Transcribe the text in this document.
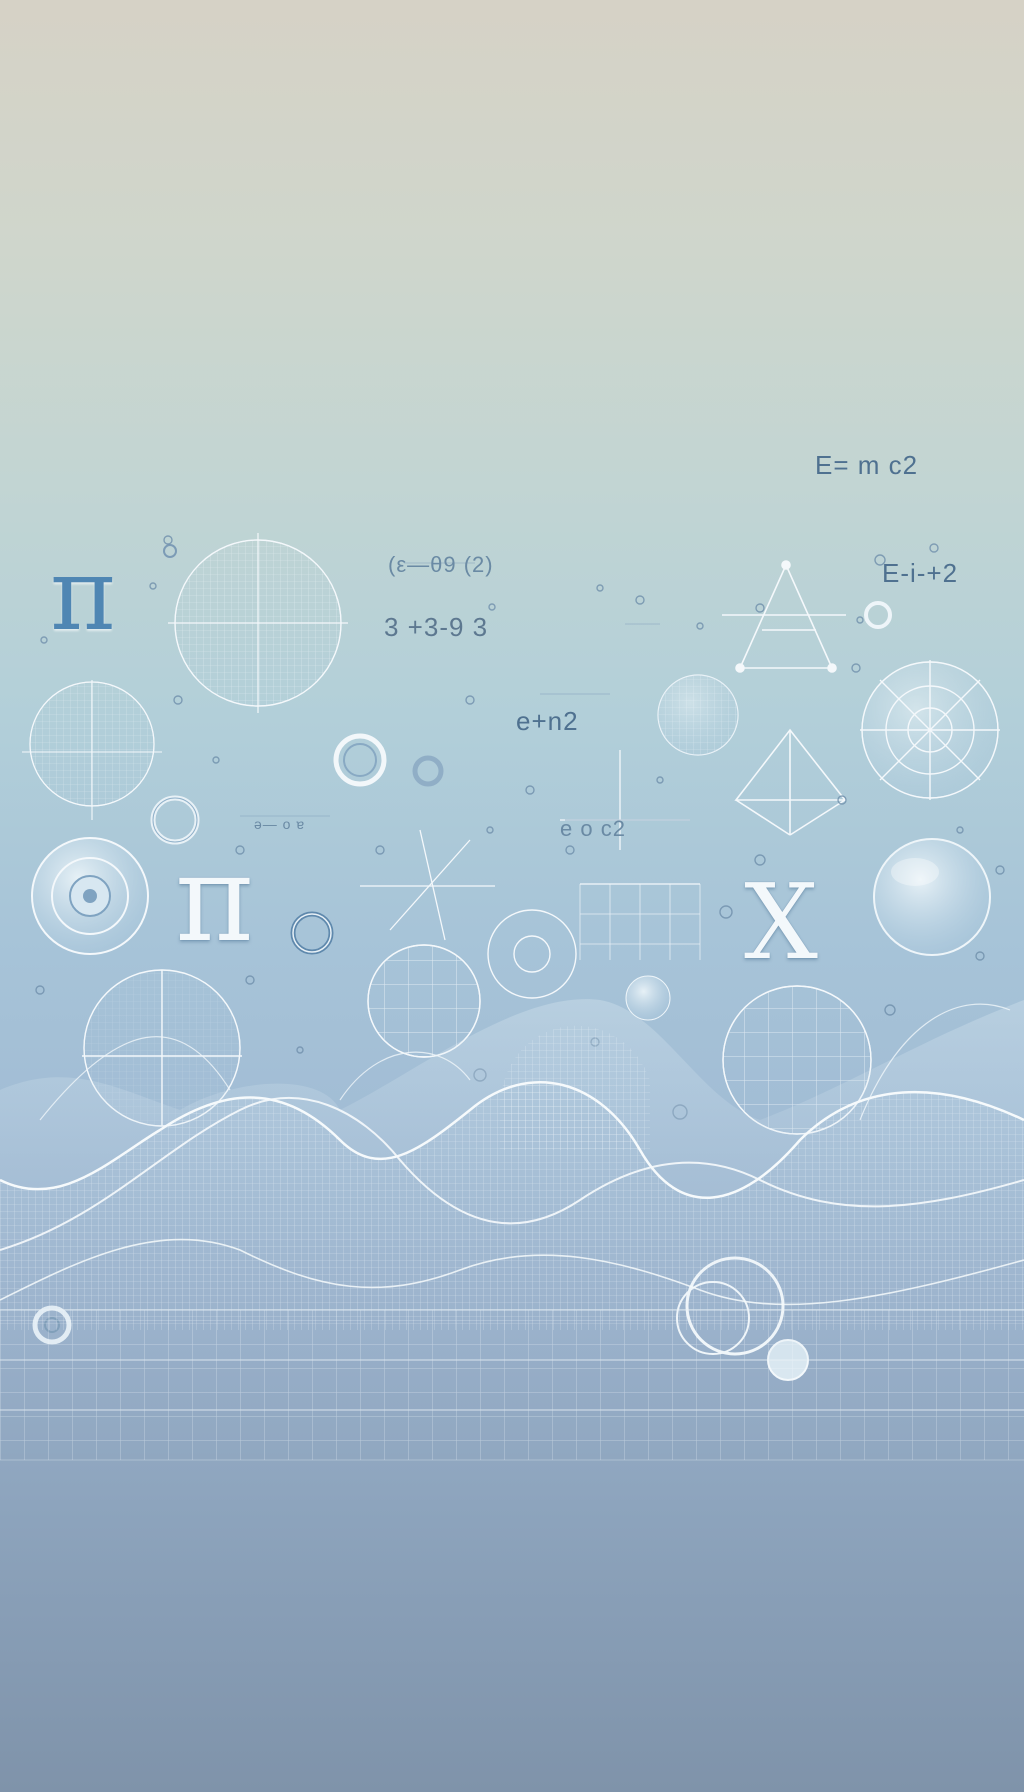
E= m c2
E-i-+2
(ε—θ9 (2)
3 +3-9 3
e+n2
e o c2
ǝ— o ɐ
π
π	X
